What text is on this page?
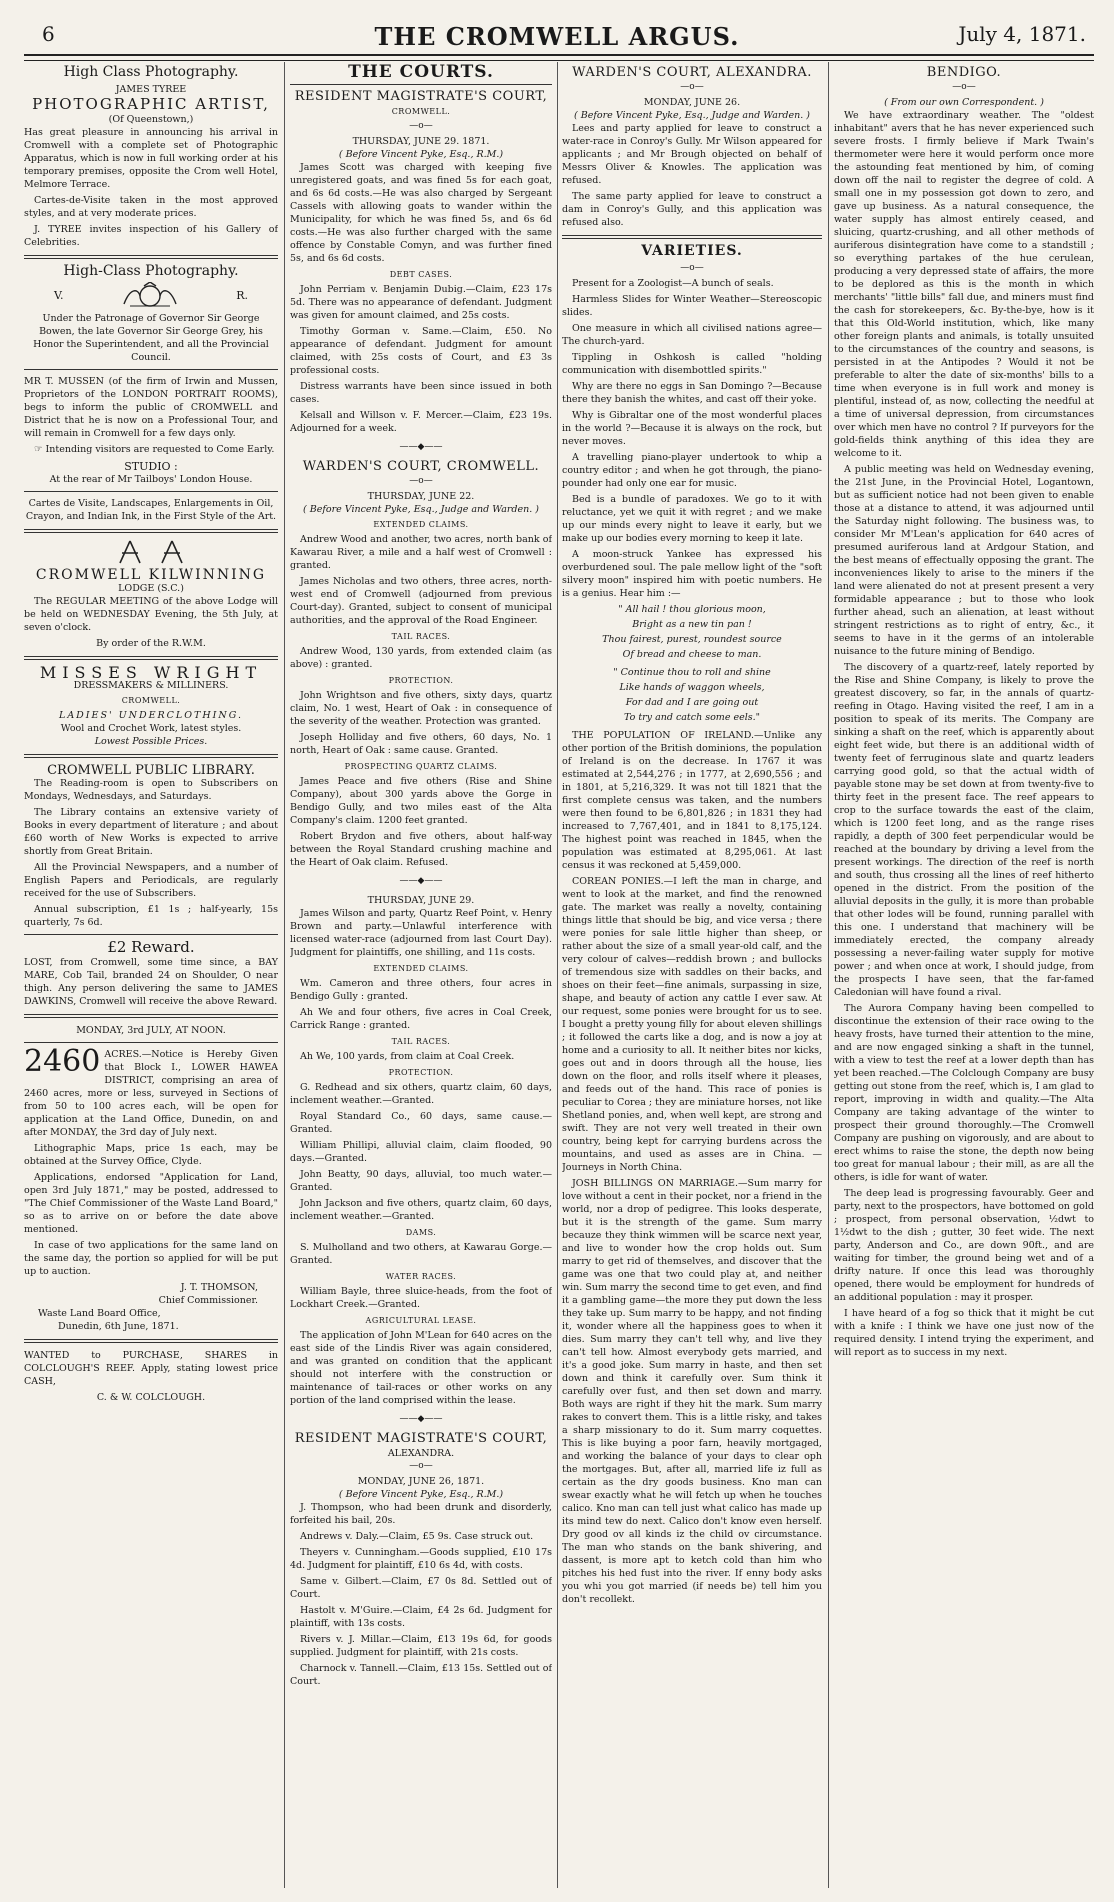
6	THE CROMWELL ARGUS.	July 4, 1871.
High Class Photography.
JAMES TYREE
PHOTOGRAPHIC ARTIST,
(Of Queenstown,)

Has great pleasure in announcing his arrival in Cromwell with a complete set of Photographic Apparatus, which is now in full working order at his temporary premises, opposite the Crom well Hotel, Melmore Terrace.

Cartes-de-Visite taken in the most approved styles, and at very moderate prices.

J. TYREE invites inspection of his Gallery of Celebrities.

High-Class Photography.
V.	R.

Under the Patronage of Governor Sir George Bowen, the late Governor Sir George Grey, his Honor the Superintendent, and all the Provincial Council.

MR T. MUSSEN (of the firm of Irwin and Mussen, Proprietors of the LONDON PORTRAIT ROOMS), begs to inform the public of CROMWELL and District that he is now on a Professional Tour, and will remain in Cromwell for a few days only.

☞ Intending visitors are requested to Come Early.

STUDIO :
At the rear of Mr Tailboys' London House.

Cartes de Visite, Landscapes, Enlargements in Oil, Crayon, and Indian Ink, in the First Style of the Art.

CROMWELL KILWINNING
LODGE (S.C.)

The REGULAR MEETING of the above Lodge will be held on WEDNESDAY Evening, the 5th July, at seven o'clock.

By order of the R.W.M.
MISSES WRIGHT
DRESSMAKERS & MILLINERS.
CROMWELL.
LADIES' UNDERCLOTHING.
Wool and Crochet Work, latest styles.
Lowest Possible Prices.
CROMWELL PUBLIC LIBRARY.

The Reading-room is open to Subscribers on Mondays, Wednesdays, and Saturdays.

The Library contains an extensive variety of Books in every department of literature ; and about £60 worth of New Works is expected to arrive shortly from Great Britain.

All the Provincial Newspapers, and a number of English Papers and Periodicals, are regularly received for the use of Subscribers.

Annual subscription, £1 1s ; half-yearly, 15s quarterly, 7s 6d.

£2 Reward.

LOST, from Cromwell, some time since, a BAY MARE, Cob Tail, branded 24 on Shoulder, O near thigh. Any person delivering the same to JAMES DAWKINS, Cromwell will receive the above Reward.

MONDAY, 3rd JULY, AT NOON.

2460 ACRES.—Notice is Hereby Given that Block I., LOWER HAWEA DISTRICT, comprising an area of 2460 acres, more or less, surveyed in Sections of from 50 to 100 acres each, will be open for application at the Land Office, Dunedin, on and after MONDAY, the 3rd day of July next.

Lithographic Maps, price 1s each, may be obtained at the Survey Office, Clyde.

Applications, endorsed "Application for Land, open 3rd July 1871," may be posted, addressed to "The Chief Commissioner of the Waste Land Board," so as to arrive on or before the date above mentioned.

In case of two applications for the same land on the same day, the portion so applied for will be put up to auction.

J. T. THOMSON,
Chief Commissioner.
Waste Land Board Office,
Dunedin, 6th June, 1871.

WANTED to PURCHASE, SHARES in COLCLOUGH'S REEF. Apply, stating lowest price CASH,

C. & W. COLCLOUGH.
THE COURTS.
RESIDENT MAGISTRATE'S COURT,
CROMWELL.
—o—
THURSDAY, JUNE 29. 1871.
( Before Vincent Pyke, Esq., R.M.)

James Scott was charged with keeping five unregistered goats, and was fined 5s for each goat, and 6s 6d costs.—He was also charged by Sergeant Cassels with allowing goats to wander within the Municipality, for which he was fined 5s, and 6s 6d costs.—He was also further charged with the same offence by Constable Comyn, and was further fined 5s, and 6s 6d costs.

DEBT CASES.

John Perriam v. Benjamin Dubig.—Claim, £23 17s 5d. There was no appearance of defendant. Judgment was given for amount claimed, and 25s costs.

Timothy Gorman v. Same.—Claim, £50. No appearance of defendant. Judgment for amount claimed, with 25s costs of Court, and £3 3s professional costs.

Distress warrants have been since issued in both cases.

Kelsall and Willson v. F. Mercer.—Claim, £23 19s. Adjourned for a week.

——◆——
WARDEN'S COURT, CROMWELL.
—o—
THURSDAY, JUNE 22.
( Before Vincent Pyke, Esq., Judge and Warden. )
EXTENDED CLAIMS.

Andrew Wood and another, two acres, north bank of Kawarau River, a mile and a half west of Cromwell : granted.

James Nicholas and two others, three acres, north-west end of Cromwell (adjourned from previous Court-day). Granted, subject to consent of municipal authorities, and the approval of the Road Engineer.

TAIL RACES.

Andrew Wood, 130 yards, from extended claim (as above) : granted.

PROTECTION.

John Wrightson and five others, sixty days, quartz claim, No. 1 west, Heart of Oak : in consequence of the severity of the weather. Protection was granted.

Joseph Holliday and five others, 60 days, No. 1 north, Heart of Oak : same cause. Granted.

PROSPECTING QUARTZ CLAIMS.

James Peace and five others (Rise and Shine Company), about 300 yards above the Gorge in Bendigo Gully, and two miles east of the Alta Company's claim. 1200 feet granted.

Robert Brydon and five others, about half-way between the Royal Standard crushing machine and the Heart of Oak claim. Refused.

——◆——
THURSDAY, JUNE 29.

James Wilson and party, Quartz Reef Point, v. Henry Brown and party.—Unlawful interference with licensed water-race (adjourned from last Court Day). Judgment for plaintiffs, one shilling, and 11s costs.

EXTENDED CLAIMS.

Wm. Cameron and three others, four acres in Bendigo Gully : granted.

Ah We and four others, five acres in Coal Creek, Carrick Range : granted.

TAIL RACES.

Ah We, 100 yards, from claim at Coal Creek.

PROTECTION.

G. Redhead and six others, quartz claim, 60 days, inclement weather.—Granted.

Royal Standard Co., 60 days, same cause.—Granted.

William Phillipi, alluvial claim, claim flooded, 90 days.—Granted.

John Beatty, 90 days, alluvial, too much water.—Granted.

John Jackson and five others, quartz claim, 60 days, inclement weather.—Granted.

DAMS.

S. Mulholland and two others, at Kawarau Gorge.—Granted.

WATER RACES.

William Bayle, three sluice-heads, from the foot of Lockhart Creek.—Granted.

AGRICULTURAL LEASE.

The application of John M'Lean for 640 acres on the east side of the Lindis River was again considered, and was granted on condition that the applicant should not interfere with the construction or maintenance of tail-races or other works on any portion of the land comprised within the lease.

——◆——
RESIDENT MAGISTRATE'S COURT,
ALEXANDRA.
—o—
MONDAY, JUNE 26, 1871.
( Before Vincent Pyke, Esq., R.M.)

J. Thompson, who had been drunk and disorderly, forfeited his bail, 20s.

Andrews v. Daly.—Claim, £5 9s. Case struck out.

Theyers v. Cunningham.—Goods supplied, £10 17s 4d. Judgment for plaintiff, £10 6s 4d, with costs.

Same v. Gilbert.—Claim, £7 0s 8d. Settled out of Court.

Hastolt v. M'Guire.—Claim, £4 2s 6d. Judgment for plaintiff, with 13s costs.

Rivers v. J. Millar.—Claim, £13 19s 6d, for goods supplied. Judgment for plaintiff, with 21s costs.

Charnock v. Tannell.—Claim, £13 15s. Settled out of Court.

WARDEN'S COURT, ALEXANDRA.
—o—
MONDAY, JUNE 26.
( Before Vincent Pyke, Esq., Judge and Warden. )

Lees and party applied for leave to construct a water-race in Conroy's Gully. Mr Wilson appeared for applicants ; and Mr Brough objected on behalf of Messrs Oliver & Knowles. The application was refused.

The same party applied for leave to construct a dam in Conroy's Gully, and this application was refused also.

VARIETIES.
—o—

Present for a Zoologist—A bunch of seals.

Harmless Slides for Winter Weather—Stereoscopic slides.

One measure in which all civilised nations agree—The church-yard.

Tippling in Oshkosh is called "holding communication with disembottled spirits."

Why are there no eggs in San Domingo ?—Because there they banish the whites, and cast off their yoke.

Why is Gibraltar one of the most wonderful places in the world ?—Because it is always on the rock, but never moves.

A travelling piano-player undertook to whip a country editor ; and when he got through, the piano-pounder had only one ear for music.

Bed is a bundle of paradoxes. We go to it with reluctance, yet we quit it with regret ; and we make up our minds every night to leave it early, but we make up our bodies every morning to keep it late.

A moon-struck Yankee has expressed his overburdened soul. The pale mellow light of the "soft silvery moon" inspired him with poetic numbers. He is a genius. Hear him :—

" All hail ! thou glorious moon,
Bright as a new tin pan !
Thou fairest, purest, roundest source
Of bread and cheese to man.
" Continue thou to roll and shine
Like hands of waggon wheels,
For dad and I are going out
To try and catch some eels."

THE POPULATION OF IRELAND.—Unlike any other portion of the British dominions, the population of Ireland is on the decrease. In 1767 it was estimated at 2,544,276 ; in 1777, at 2,690,556 ; and in 1801, at 5,216,329. It was not till 1821 that the first complete census was taken, and the numbers were then found to be 6,801,826 ; in 1831 they had increased to 7,767,401, and in 1841 to 8,175,124. The highest point was reached in 1845, when the population was estimated at 8,295,061. At last census it was reckoned at 5,459,000.

COREAN PONIES.—I left the man in charge, and went to look at the market, and find the renowned gate. The market was really a novelty, containing things little that should be big, and vice versa ; there were ponies for sale little higher than sheep, or rather about the size of a small year-old calf, and the very colour of calves—reddish brown ; and bullocks of tremendous size with saddles on their backs, and shoes on their feet—fine animals, surpassing in size, shape, and beauty of action any cattle I ever saw. At our request, some ponies were brought for us to see. I bought a pretty young filly for about eleven shillings ; it followed the carts like a dog, and is now a joy at home and a curiosity to all. It neither bites nor kicks, goes out and in doors through all the house, lies down on the floor, and rolls itself where it pleases, and feeds out of the hand. This race of ponies is peculiar to Corea ; they are miniature horses, not like Shetland ponies, and, when well kept, are strong and swift. They are not very well treated in their own country, being kept for carrying burdens across the mountains, and used as asses are in China. —Journeys in North China.

JOSH BILLINGS ON MARRIAGE.—Sum marry for love without a cent in their pocket, nor a friend in the world, nor a drop of pedigree. This looks desperate, but it is the strength of the game. Sum marry becauze they think wimmen will be scarce next year, and live to wonder how the crop holds out. Sum marry to get rid of themselves, and discover that the game was one that two could play at, and neither win. Sum marry the second time to get even, and find it a gambling game—the more they put down the less they take up. Sum marry to be happy, and not finding it, wonder where all the happiness goes to when it dies. Sum marry they can't tell why, and live they can't tell how. Almost everybody gets married, and it's a good joke. Sum marry in haste, and then set down and think it carefully over. Sum think it carefully over fust, and then set down and marry. Both ways are right if they hit the mark. Sum marry rakes to convert them. This is a little risky, and takes a sharp missionary to do it. Sum marry coquettes. This is like buying a poor farn, heavily mortgaged, and working the balance of your days to clear oph the mortgages. But, after all, married life iz full as certain as the dry goods business. Kno man can swear exactly what he will fetch up when he touches calico. Kno man can tell just what calico has made up its mind tew do next. Calico don't know even herself. Dry good ov all kinds iz the child ov circumstance. The man who stands on the bank shivering, and dassent, is more apt to ketch cold than him who pitches his hed fust into the river. If enny body asks you whi you got married (if needs be) tell him you don't recollekt.

BENDIGO.
—o—
( From our own Correspondent. )

We have extraordinary weather. The "oldest inhabitant" avers that he has never experienced such severe frosts. I firmly believe if Mark Twain's thermometer were here it would perform once more the astounding feat mentioned by him, of coming down off the nail to register the degree of cold. A small one in my possession got down to zero, and gave up business. As a natural consequence, the water supply has almost entirely ceased, and sluicing, quartz-crushing, and all other methods of auriferous disintegration have come to a standstill ; so everything partakes of the hue cerulean, producing a very depressed state of affairs, the more to be deplored as this is the month in which merchants' "little bills" fall due, and miners must find the cash for storekeepers, &c. By-the-bye, how is it that this Old-World institution, which, like many other foreign plants and animals, is totally unsuited to the circumstances of the country and seasons, is persisted in at the Antipodes ? Would it not be preferable to alter the date of six-months' bills to a time when everyone is in full work and money is plentiful, instead of, as now, collecting the needful at a time of universal depression, from circumstances over which men have no control ? If purveyors for the gold-fields think anything of this idea they are welcome to it.

A public meeting was held on Wednesday evening, the 21st June, in the Provincial Hotel, Logantown, but as sufficient notice had not been given to enable those at a distance to attend, it was adjourned until the Saturday night following. The business was, to consider Mr M'Lean's application for 640 acres of presumed auriferous land at Ardgour Station, and the best means of effectually opposing the grant. The inconveniences likely to arise to the miners if the land were alienated do not at present present a very formidable appearance ; but to those who look further ahead, such an alienation, at least without stringent restrictions as to right of entry, &c., it seems to have in it the germs of an intolerable nuisance to the future mining of Bendigo.

The discovery of a quartz-reef, lately reported by the Rise and Shine Company, is likely to prove the greatest discovery, so far, in the annals of quartz-reefing in Otago. Having visited the reef, I am in a position to speak of its merits. The Company are sinking a shaft on the reef, which is apparently about eight feet wide, but there is an additional width of twenty feet of ferruginous slate and quartz leaders carrying good gold, so that the actual width of payable stone may be set down at from twenty-five to thirty feet in the present face. The reef appears to crop to the surface towards the east of the claim, which is 1200 feet long, and as the range rises rapidly, a depth of 300 feet perpendicular would be reached at the boundary by driving a level from the present workings. The direction of the reef is north and south, thus crossing all the lines of reef hitherto opened in the district. From the position of the alluvial deposits in the gully, it is more than probable that other lodes will be found, running parallel with this one. I understand that machinery will be immediately erected, the company already possessing a never-failing water supply for motive power ; and when once at work, I should judge, from the prospects I have seen, that the far-famed Caledonian will have found a rival.

The Aurora Company having been compelled to discontinue the extension of their race owing to the heavy frosts, have turned their attention to the mine, and are now engaged sinking a shaft in the tunnel, with a view to test the reef at a lower depth than has yet been reached.—The Colclough Company are busy getting out stone from the reef, which is, I am glad to report, improving in width and quality.—The Alta Company are taking advantage of the winter to prospect their ground thoroughly.—The Cromwell Company are pushing on vigorously, and are about to erect whims to raise the stone, the depth now being too great for manual labour ; their mill, as are all the others, is idle for want of water.

The deep lead is progressing favourably. Geer and party, next to the prospectors, have bottomed on gold ; prospect, from personal observation, ½dwt to 1½dwt to the dish ; gutter, 30 feet wide. The next party, Anderson and Co., are down 90ft., and are waiting for timber, the ground being wet and of a drifty nature. If once this lead was thoroughly opened, there would be employment for hundreds of an additional population : may it prosper.

I have heard of a fog so thick that it might be cut with a knife : I think we have one just now of the required density. I intend trying the experiment, and will report as to success in my next.
